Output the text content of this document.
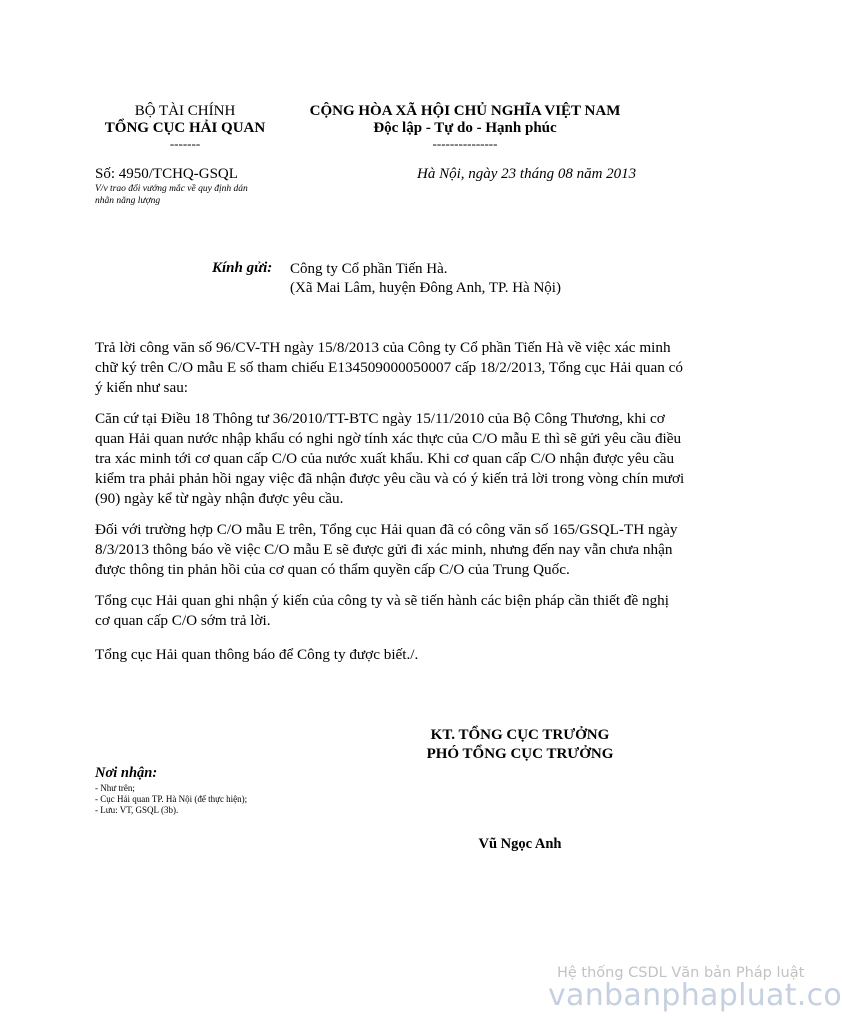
BỘ TÀI CHÍNH
TỔNG CỤC HẢI QUAN
-------
CỘNG HÒA XÃ HỘI CHỦ NGHĨA VIỆT NAM
Độc lập - Tự do - Hạnh phúc
---------------
Số: 4950/TCHQ-GSQL
V/v trao đổi vướng mắc về quy định dán
nhãn năng lượng
Hà Nội, ngày 23 tháng 08 năm 2013
Kính gửi: Công ty Cổ phần Tiến Hà.
(Xã Mai Lâm, huyện Đông Anh, TP. Hà Nội)
Trả lời công văn số 96/CV-TH ngày 15/8/2013 của Công ty Cổ phần Tiến Hà về việc xác minh
chữ ký trên C/O mẫu E số tham chiếu E134509000050007 cấp 18/2/2013, Tổng cục Hải quan có
ý kiến như sau:
Căn cứ tại Điều 18 Thông tư 36/2010/TT-BTC ngày 15/11/2010 của Bộ Công Thương, khi cơ
quan Hải quan nước nhập khẩu có nghi ngờ tính xác thực của C/O mẫu E thì sẽ gửi yêu cầu điều
tra xác minh tới cơ quan cấp C/O của nước xuất khẩu. Khi cơ quan cấp C/O nhận được yêu cầu
kiểm tra phải phản hồi ngay việc đã nhận được yêu cầu và có ý kiến trả lời trong vòng chín mươi
(90) ngày kể từ ngày nhận được yêu cầu.
Đối với trường hợp C/O mẫu E trên, Tổng cục Hải quan đã có công văn số 165/GSQL-TH ngày
8/3/2013 thông báo về việc C/O mẫu E sẽ được gửi đi xác minh, nhưng đến nay vẫn chưa nhận
được thông tin phản hồi của cơ quan có thẩm quyền cấp C/O của Trung Quốc.
Tổng cục Hải quan ghi nhận ý kiến của công ty và sẽ tiến hành các biện pháp cần thiết đề nghị
cơ quan cấp C/O sớm trả lời.
Tổng cục Hải quan thông báo để Công ty được biết./.
KT. TỔNG CỤC TRƯỞNG
PHÓ TỔNG CỤC TRƯỞNG
Vũ Ngọc Anh
Nơi nhận:
- Như trên;
- Cục Hải quan TP. Hà Nội (để thực hiện);
- Lưu: VT, GSQL (3b).
Hệ thống CSDL Văn bản Pháp luật
vanbanphapluat.co
